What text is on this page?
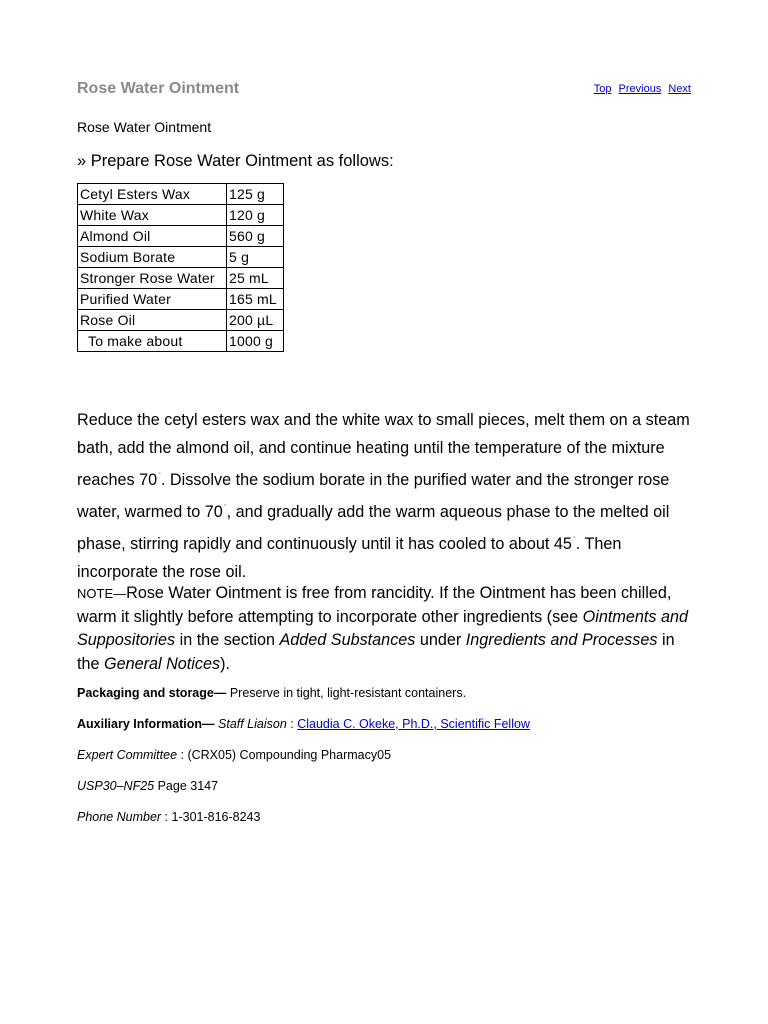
Rose Water Ointment	Top Previous Next
Rose Water Ointment
» Prepare Rose Water Ointment as follows:
Cetyl Esters Wax	125 g
White Wax	120 g
Almond Oil	560 g
Sodium Borate	5 g
Stronger Rose Water	25 mL
Purified Water	165 mL
Rose Oil	200 µL
To make about	1000 g
Reduce the cetyl esters wax and the white wax to small pieces, melt them on a steam bath, add the almond oil, and continue heating until the temperature of the mixture reaches 70°. Dissolve the sodium borate in the purified water and the stronger rose water, warmed to 70°, and gradually add the warm aqueous phase to the melted oil phase, stirring rapidly and continuously until it has cooled to about 45°. Then incorporate the rose oil.
NOTE—Rose Water Ointment is free from rancidity. If the Ointment has been chilled, warm it slightly before attempting to incorporate other ingredients (see Ointments and Suppositories in the section Added Substances under Ingredients and Processes in the General Notices).
Packaging and storage— Preserve in tight, light-resistant containers.
Auxiliary Information— Staff Liaison : Claudia C. Okeke, Ph.D., Scientific Fellow
Expert Committee : (CRX05) Compounding Pharmacy05
USP30–NF25 Page 3147
Phone Number : 1-301-816-8243
